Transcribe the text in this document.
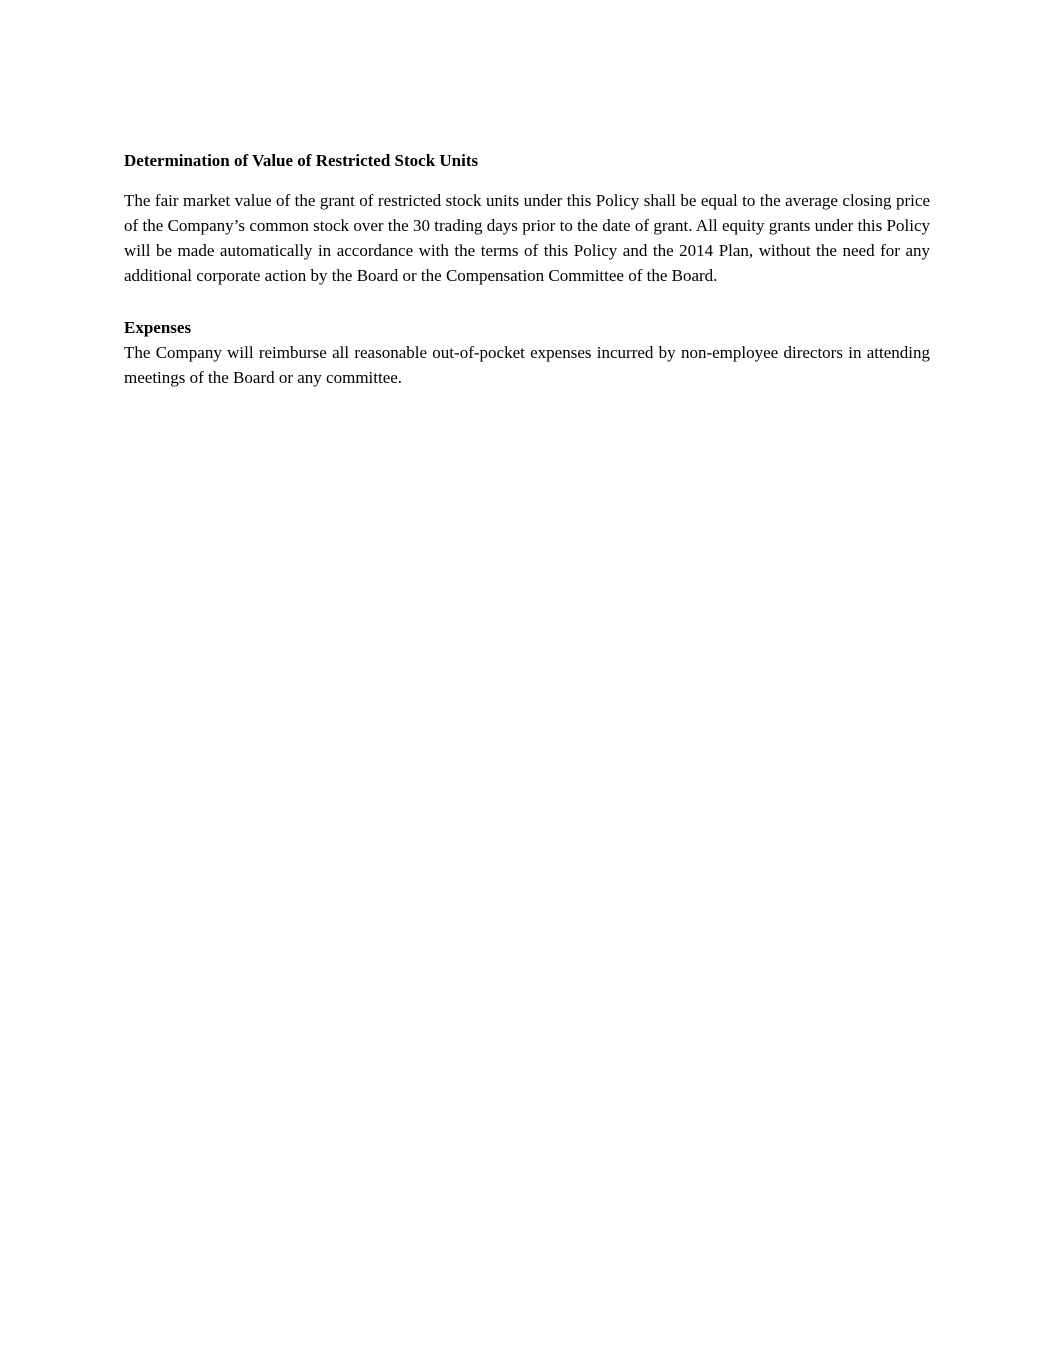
Determination of Value of Restricted Stock Units

The fair market value of the grant of restricted stock units under this Policy shall be equal to the average closing price of the Company’s common stock over the 30 trading days prior to the date of grant. All equity grants under this Policy will be made automatically in accordance with the terms of this Policy and the 2014 Plan, without the need for any additional corporate action by the Board or the Compensation Committee of the Board.

Expenses

The Company will reimburse all reasonable out-of-pocket expenses incurred by non-employee directors in attending meetings of the Board or any committee.
